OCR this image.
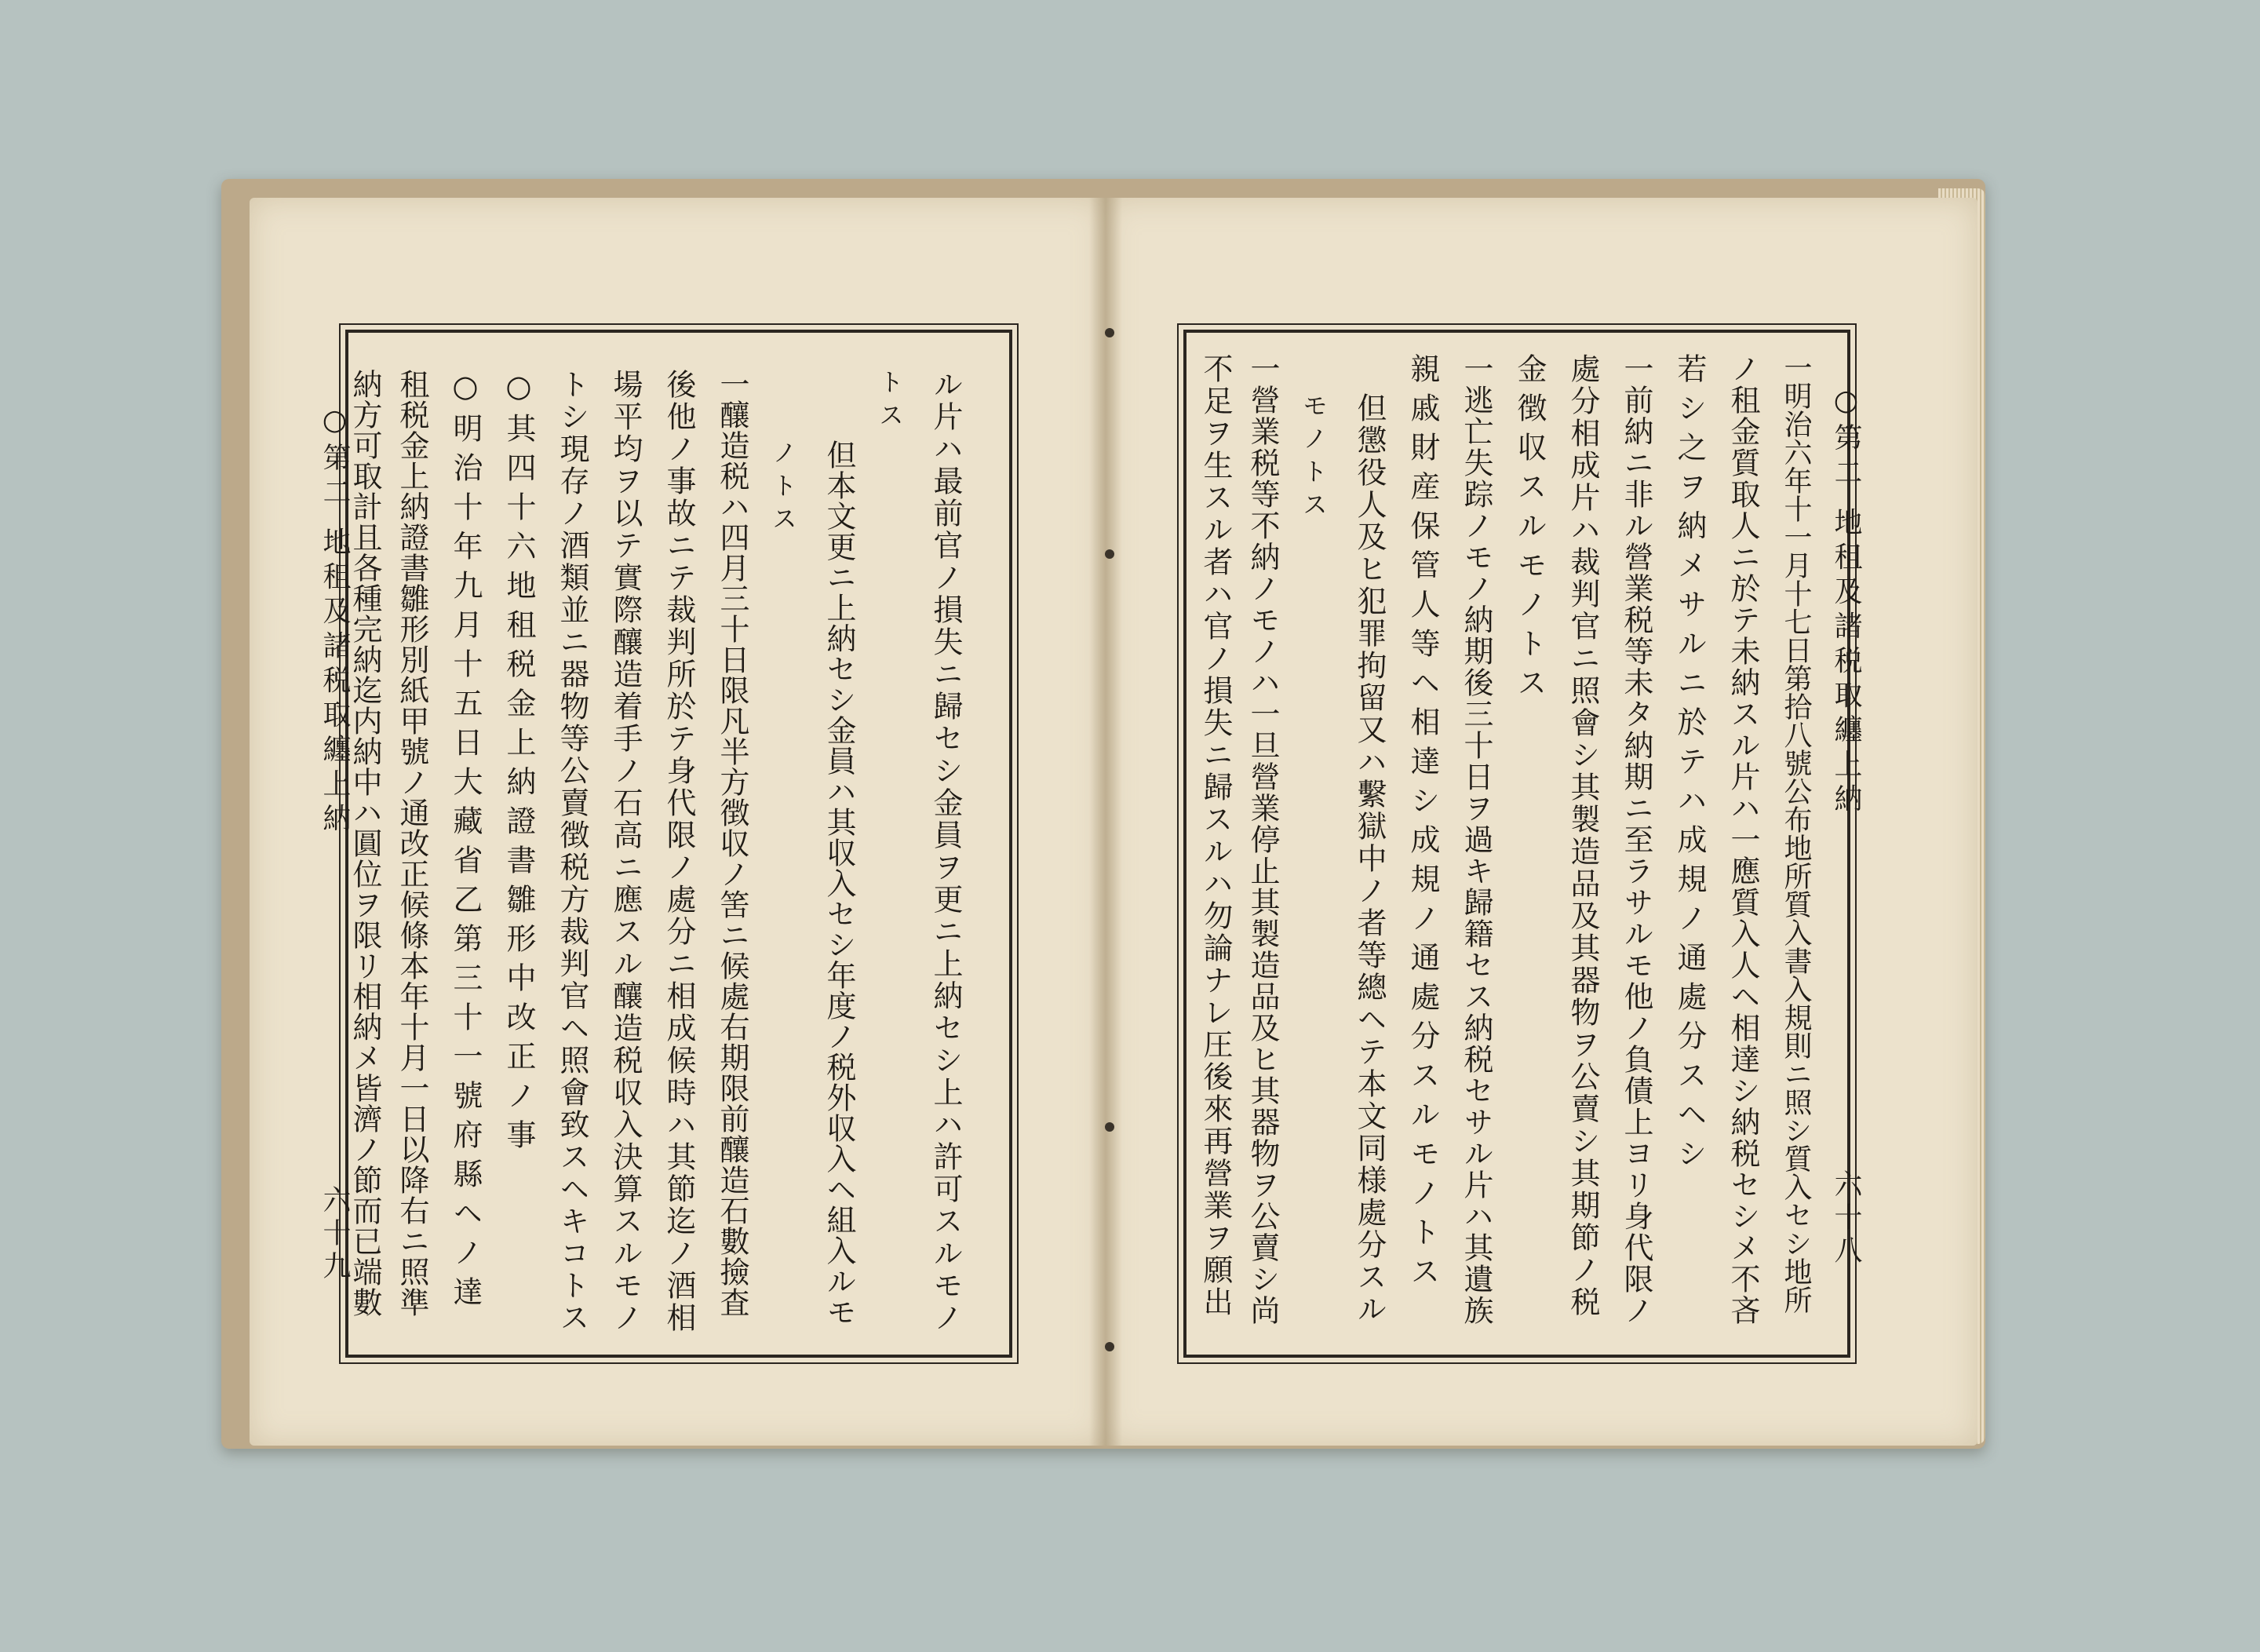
○第二 地租及諸税取纏上納
六十八
一明治六年十一月十七日第拾八號公布地所質入書入規則ニ照シ質入セシ地所
ノ租金質取人ニ於テ未納スル片ハ一應質入人ヘ相達シ納税セシメ不吝
若シ之ヲ納メサルニ於テハ成規ノ通處分スヘシ
一前納ニ非ル營業税等未タ納期ニ至ラサルモ他ノ負債上ヨリ身代限ノ
處分相成片ハ裁判官ニ照會シ其製造品及其器物ヲ公賣シ其期節ノ税
金徴収スルモノトス
一逃亡失踪ノモノ納期後三十日ヲ過キ歸籍セス納税セサル片ハ其遺族
親戚財産保管人等ヘ相達シ成規ノ通處分スルモノトス
但懲役人及ヒ犯罪拘留又ハ繫獄中ノ者等總ヘテ本文同様處分スル
モノトス
一營業税等不納ノモノハ一旦營業停止其製造品及ヒ其器物ヲ公賣シ尚
不足ヲ生スル者ハ官ノ損失ニ歸スルハ勿論ナレ圧後來再營業ヲ願出
○第二 地租及諸税取纏上納
六十九	ル片ハ最前官ノ損失ニ歸セシ金員ヲ更ニ上納セシ上ハ許可スルモノ
トス
但本文更ニ上納セシ金員ハ其収入セシ年度ノ税外収入ヘ組入ルモ
ノトス
一釀造税ハ四月三十日限凡半方徴収ノ筈ニ候處右期限前釀造石數撿査
後他ノ事故ニテ裁判所於テ身代限ノ處分ニ相成候時ハ其節迄ノ酒相
場平均ヲ以テ實際釀造着手ノ石高ニ應スル釀造税収入決算スルモノ
トシ現存ノ酒類並ニ器物等公賣徴税方裁判官ヘ照會致スヘキコトス
○其四十六地租税金上納證書雛形中改正ノ事
○明治十年九月十五日大藏省乙第三十一號府縣ヘノ達
租税金上納證書雛形別紙甲號ノ通改正候條本年十月一日以降右ニ照準
納方可取計且各種完納迄内納中ハ圓位ヲ限リ相納メ皆濟ノ節而已端數
